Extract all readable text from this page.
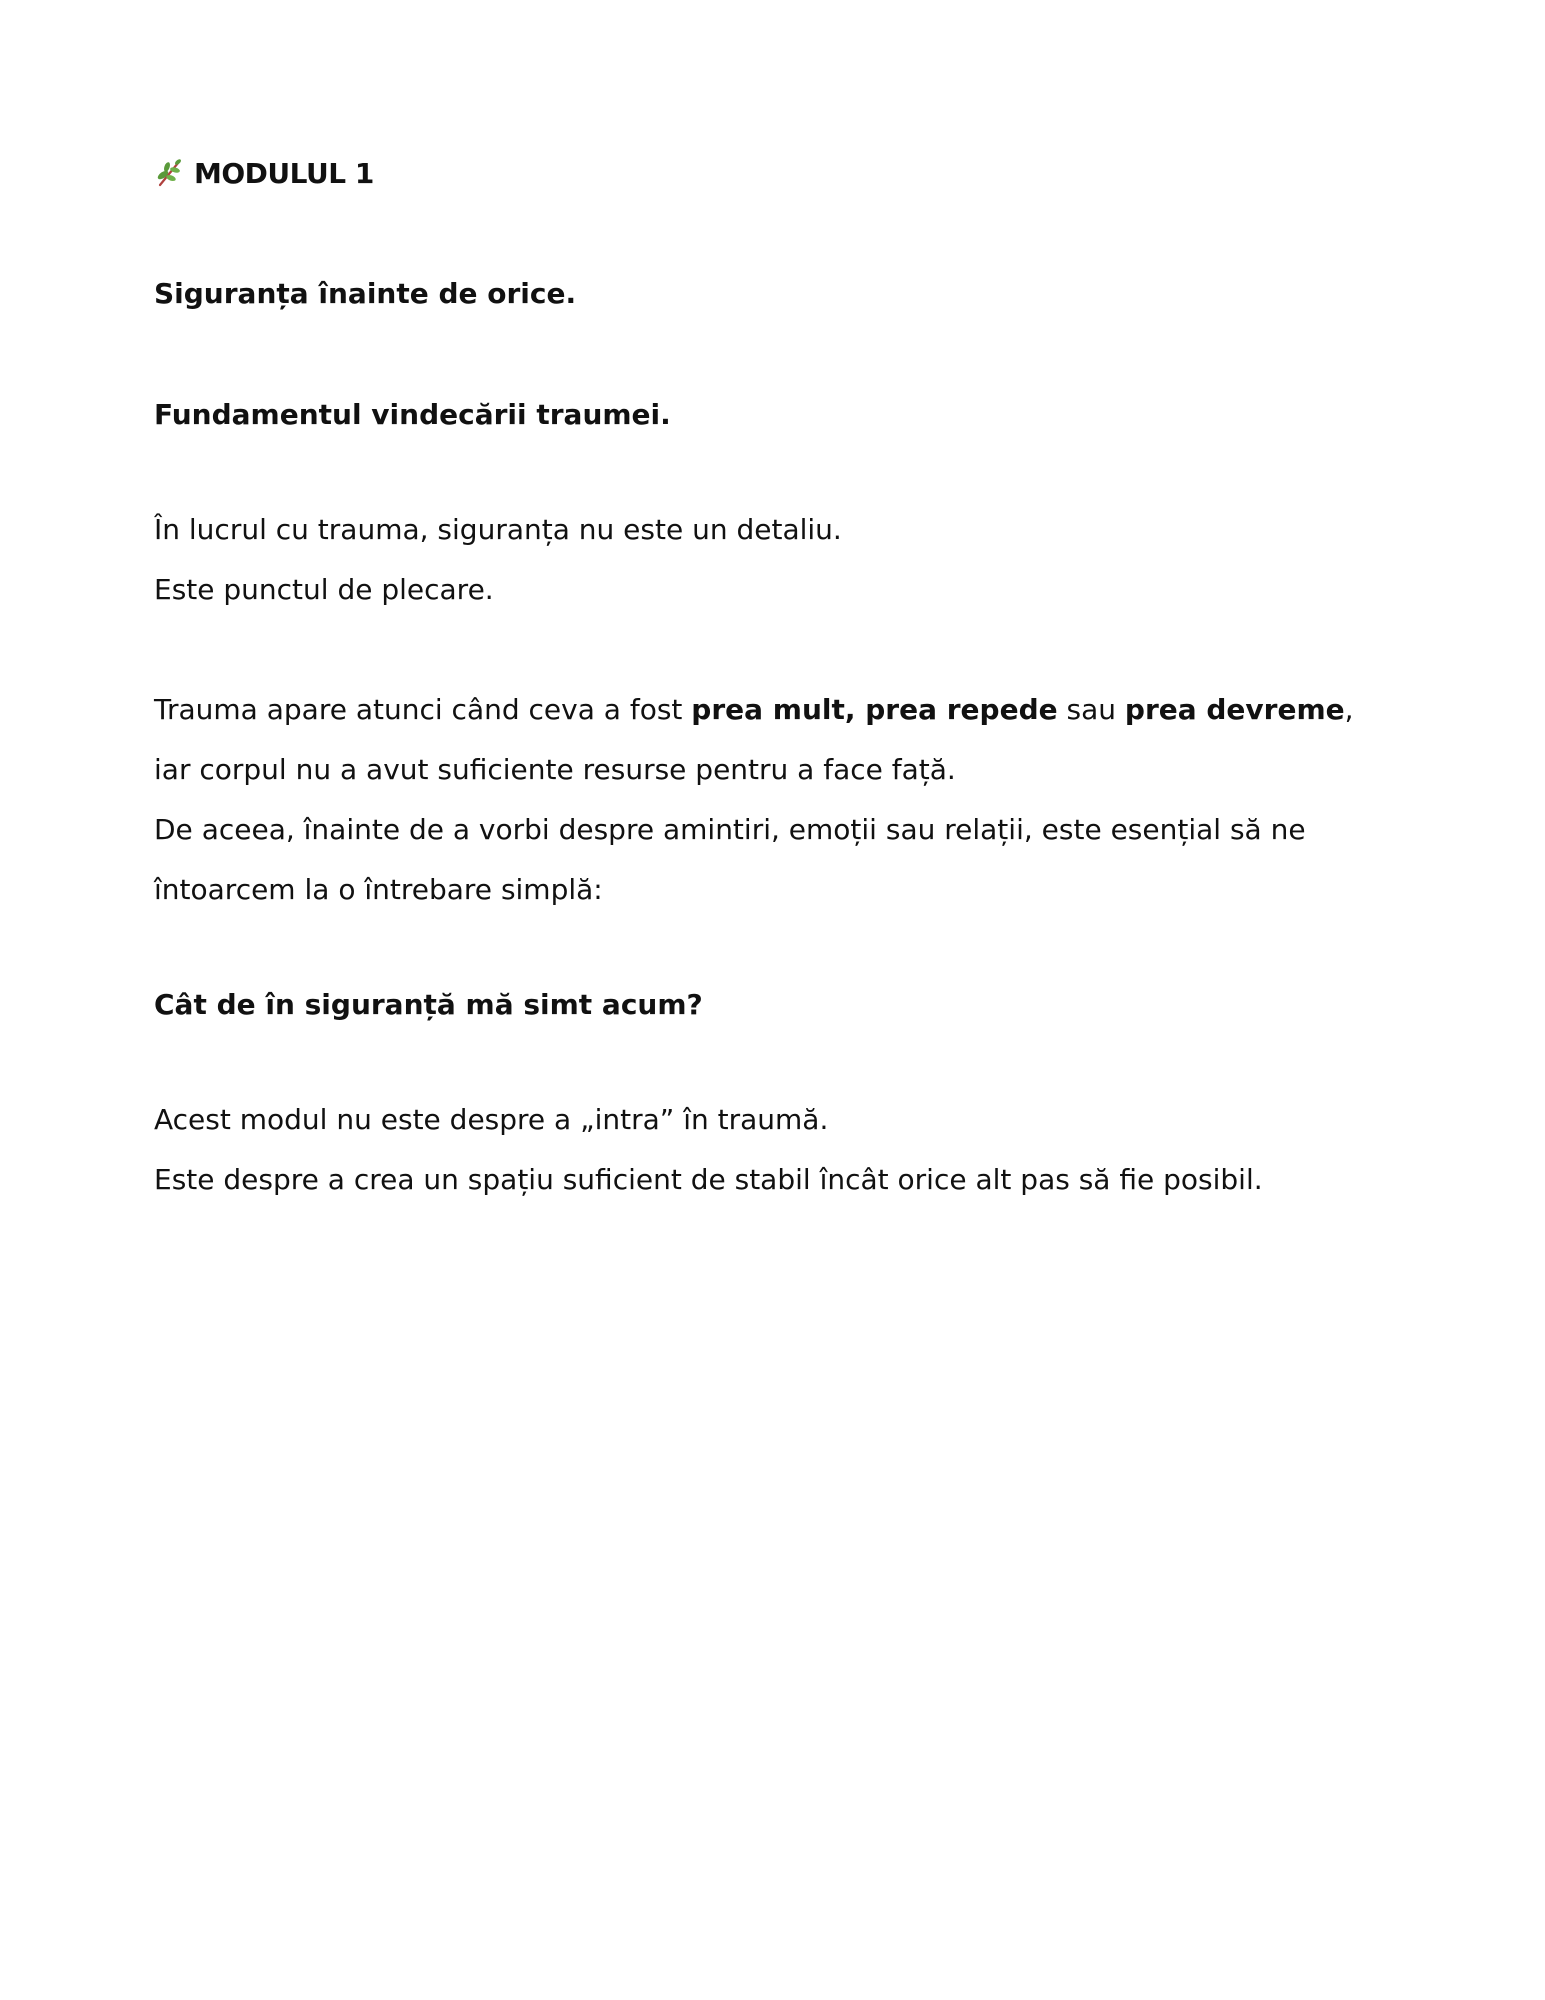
MODULUL 1
Siguranța înainte de orice.
Fundamentul vindecării traumei.

În lucrul cu trauma, siguranța nu este un detaliu.
Este punctul de plecare.

Trauma apare atunci când ceva a fost prea mult, prea repede sau prea devreme, iar corpul nu a avut suficiente resurse pentru a face față.
De aceea, înainte de a vorbi despre amintiri, emoții sau relații, este esențial să ne întoarcem la o întrebare simplă:

Cât de în siguranță mă simt acum?

Acest modul nu este despre a „intra” în traumă.
Este despre a crea un spațiu suficient de stabil încât orice alt pas să fie posibil.
